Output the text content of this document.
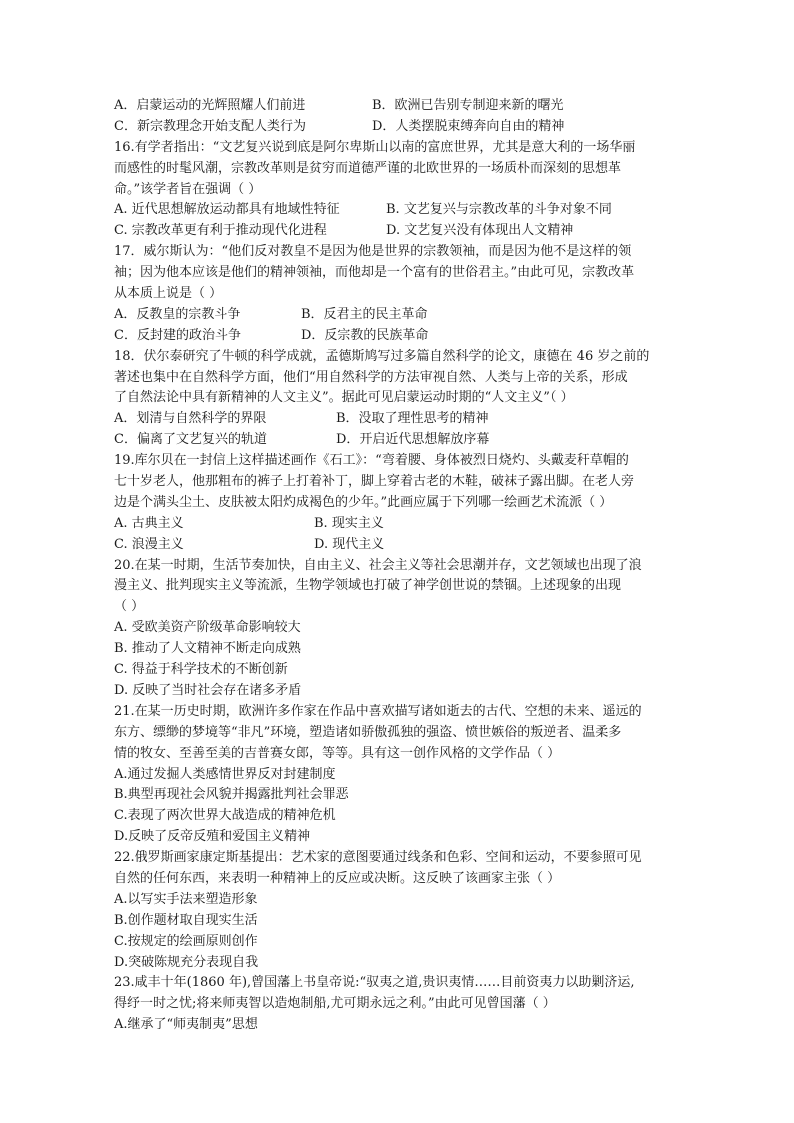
A．启蒙运动的光辉照耀人们前进	B．欧洲已告别专制迎来新的曙光
C．新宗教理念开始支配人类行为	D．人类摆脱束缚奔向自由的精神
16.有学者指出：“文艺复兴说到底是阿尔卑斯山以南的富庶世界，尤其是意大利的一场华丽
而感性的时髦风潮，宗教改革则是贫穷而道德严谨的北欧世界的一场质朴而深刻的思想革
命。”该学者旨在强调（ ）
A. 近代思想解放运动都具有地域性特征	B. 文艺复兴与宗教改革的斗争对象不同
C. 宗教改革更有利于推动现代化进程	D. 文艺复兴没有体现出人文精神
17．威尔斯认为：“他们反对教皇不是因为他是世界的宗教领袖，而是因为他不是这样的领
袖；因为他本应该是他们的精神领袖，而他却是一个富有的世俗君主。”由此可见，宗教改革
从本质上说是（ ）
A．反教皇的宗教斗争	B．反君主的民主革命
C．反封建的政治斗争	D．反宗教的民族革命
18．伏尔泰研究了牛顿的科学成就，孟德斯鸠写过多篇自然科学的论文，康德在 46 岁之前的
著述也集中在自然科学方面，他们“用自然科学的方法审视自然、人类与上帝的关系，形成
了自然法论中具有新精神的人文主义”。据此可见启蒙运动时期的“人文主义”（ ）
A．划清与自然科学的界限	B．没取了理性思考的精神
C．偏离了文艺复兴的轨道	D．开启近代思想解放序幕
19.库尔贝在一封信上这样描述画作《石工》：“弯着腰、身体被烈日烧灼、头戴麦秆草帽的
七十岁老人，他那粗布的裤子上打着补丁，脚上穿着古老的木鞋，破袜子露出脚。在老人旁
边是个满头尘土、皮肤被太阳灼成褐色的少年。”此画应属于下列哪一绘画艺术流派（ ）
A. 古典主义	B. 现实主义
C. 浪漫主义	D. 现代主义
20.在某一时期，生活节奏加快，自由主义、社会主义等社会思潮并存，文艺领域也出现了浪
漫主义、批判现实主义等流派，生物学领域也打破了神学创世说的禁锢。上述现象的出现
（ ）
A. 受欧美资产阶级革命影响较大
B. 推动了人文精神不断走向成熟
C. 得益于科学技术的不断创新
D. 反映了当时社会存在诸多矛盾
21.在某一历史时期，欧洲许多作家在作品中喜欢描写诸如逝去的古代、空想的未来、遥远的
东方、缥缈的梦境等“非凡”环境，塑造诸如骄傲孤独的强盗、愤世嫉俗的叛逆者、温柔多
情的牧女、至善至美的吉普赛女郎，等等。具有这一创作风格的文学作品（ ）
A.通过发掘人类感情世界反对封建制度
B.典型再现社会风貌并揭露批判社会罪恶
C.表现了两次世界大战造成的精神危机
D.反映了反帝反殖和爱国主义精神
22.俄罗斯画家康定斯基提出：艺术家的意图要通过线条和色彩、空间和运动，不要参照可见
自然的任何东西，来表明一种精神上的反应或决断。这反映了该画家主张（ ）
A.以写实手法来塑造形象
B.创作题材取自现实生活
C.按规定的绘画原则创作
D.突破陈规充分表现自我
23.咸丰十年(1860 年),曾国藩上书皇帝说:“驭夷之道,贵识夷情……目前资夷力以助剿济运,
得纾一时之忧;将来师夷智以造炮制船,尤可期永远之利。”由此可见曾国藩（ ）
A.继承了“师夷制夷”思想
